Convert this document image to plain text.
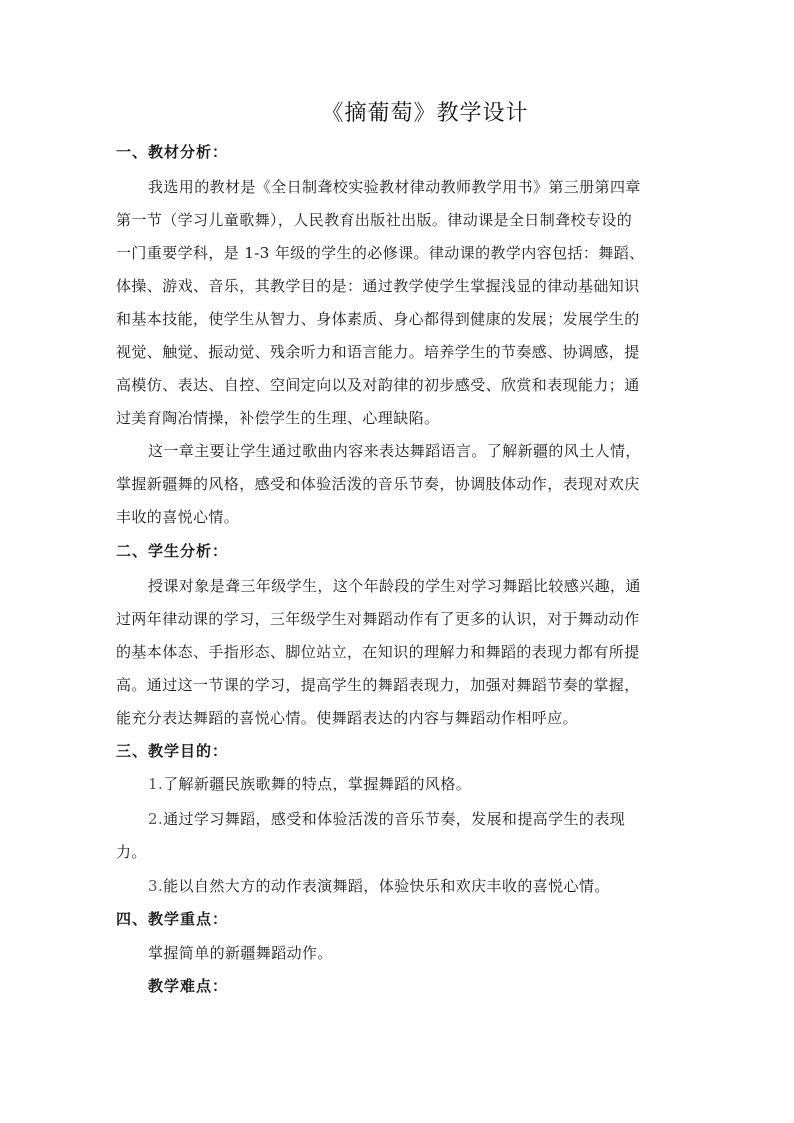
《摘葡萄》教学设计
一、教材分析：
我选用的教材是《全日制聋校实验教材律动教师教学用书》第三册第四章
第一节（学习儿童歌舞），人民教育出版社出版。律动课是全日制聋校专设的
一门重要学科，是 1-3 年级的学生的必修课。律动课的教学内容包括：舞蹈、
体操、游戏、音乐，其教学目的是：通过教学使学生掌握浅显的律动基础知识
和基本技能，使学生从智力、身体素质、身心都得到健康的发展；发展学生的
视觉、触觉、振动觉、残余听力和语言能力。培养学生的节奏感、协调感，提
高模仿、表达、自控、空间定向以及对韵律的初步感受、欣赏和表现能力；通
过美育陶冶情操，补偿学生的生理、心理缺陷。
这一章主要让学生通过歌曲内容来表达舞蹈语言。了解新疆的风土人情，
掌握新疆舞的风格，感受和体验活泼的音乐节奏，协调肢体动作，表现对欢庆
丰收的喜悦心情。
二、学生分析：
授课对象是聋三年级学生，这个年龄段的学生对学习舞蹈比较感兴趣，通
过两年律动课的学习，三年级学生对舞蹈动作有了更多的认识，对于舞动动作
的基本体态、手指形态、脚位站立，在知识的理解力和舞蹈的表现力都有所提
高。通过这一节课的学习，提高学生的舞蹈表现力，加强对舞蹈节奏的掌握，
能充分表达舞蹈的喜悦心情。使舞蹈表达的内容与舞蹈动作相呼应。
三、教学目的：
1.了解新疆民族歌舞的特点，掌握舞蹈的风格。
2.通过学习舞蹈，感受和体验活泼的音乐节奏，发展和提高学生的表现
力。
3.能以自然大方的动作表演舞蹈，体验快乐和欢庆丰收的喜悦心情。
四、教学重点：
掌握简单的新疆舞蹈动作。
教学难点：
